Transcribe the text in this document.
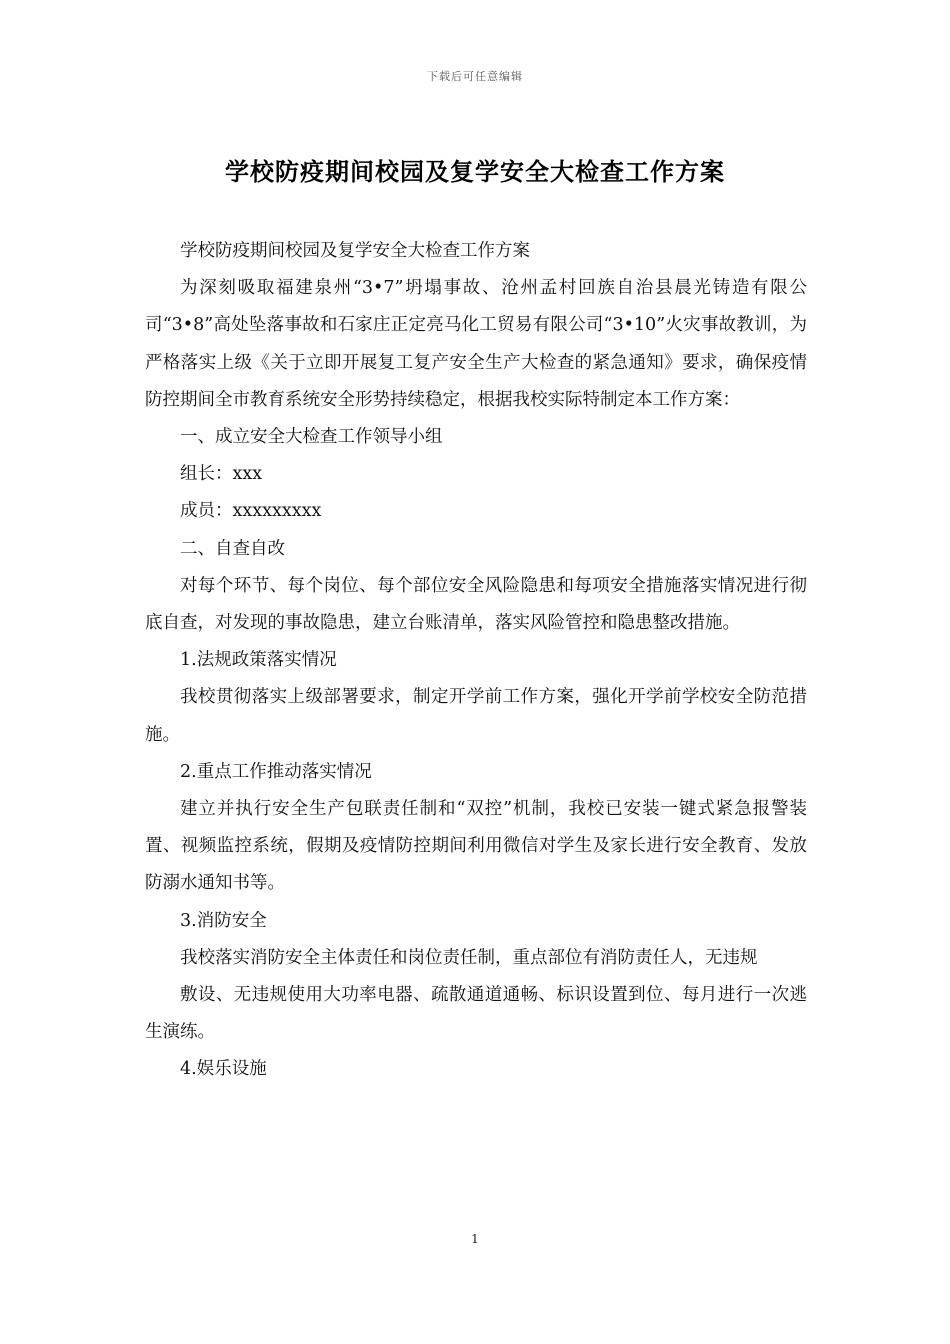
下载后可任意编辑
学校防疫期间校园及复学安全大检查工作方案

学校防疫期间校园及复学安全大检查工作方案

为深刻吸取福建泉州“3•7”坍塌事故、沧州孟村回族自治县晨光铸造有限公司“3•8”高处坠落事故和石家庄正定亮马化工贸易有限公司“3•10”火灾事故教训，为严格落实上级《关于立即开展复工复产安全生产大检查的紧急通知》要求，确保疫情防控期间全市教育系统安全形势持续稳定，根据我校实际特制定本工作方案：

一、成立安全大检查工作领导小组

组长：xxx

成员：xxxxxxxxx

二、自查自改

对每个环节、每个岗位、每个部位安全风险隐患和每项安全措施落实情况进行彻底自查，对发现的事故隐患，建立台账清单，落实风险管控和隐患整改措施。

1.法规政策落实情况

我校贯彻落实上级部署要求，制定开学前工作方案，强化开学前学校安全防范措施。

2.重点工作推动落实情况

建立并执行安全生产包联责任制和“双控”机制，我校已安装一键式紧急报警装置、视频监控系统，假期及疫情防控期间利用微信对学生及家长进行安全教育、发放防溺水通知书等。

3.消防安全

我校落实消防安全主体责任和岗位责任制，重点部位有消防责任人，无违规

敷设、无违规使用大功率电器、疏散通道通畅、标识设置到位、每月进行一次逃生演练。

4.娱乐设施

1
